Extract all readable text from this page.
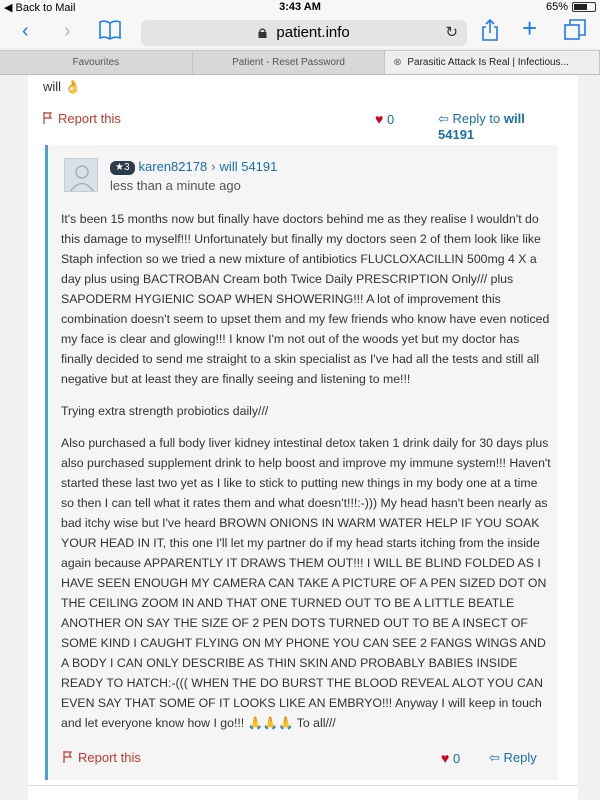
◀ Back to Mail	3:43 AM	65%
‹ ›	patient.info	↻ +
Favourites	Patient - Reset Password	⊗ Parasitic Attack Is Real | Infectious...
will 👌
Report this	♥ 0	⇦ Reply to will 54191
★3 karen82178 › will 54191
less than a minute ago

It's been 15 months now but finally have doctors behind me as they realise I wouldn't do this damage to myself!!! Unfortunately but finally my doctors seen 2 of them look like like Staph infection so we tried a new mixture of antibiotics FLUCLOXACILLIN 500mg 4 X a day plus using BACTROBAN Cream both Twice Daily PRESCRIPTION Only/// plus SAPODERM HYGIENIC SOAP WHEN SHOWERING!!! A lot of improvement this combination doesn't seem to upset them and my few friends who know have even noticed my face is clear and glowing!!! I know I'm not out of the woods yet but my doctor has finally decided to send me straight to a skin specialist as I've had all the tests and still all negative but at least they are finally seeing and listening to me!!!

Trying extra strength probiotics daily///

Also purchased a full body liver kidney intestinal detox taken 1 drink daily for 30 days plus also purchased supplement drink to help boost and improve my immune system!!! Haven't started these last two yet as I like to stick to putting new things in my body one at a time so then I can tell what it rates them and what doesn't!!!:-))) My head hasn't been nearly as bad itchy wise but I've heard BROWN ONIONS IN WARM WATER HELP IF YOU SOAK YOUR HEAD IN IT, this one I'll let my partner do if my head starts itching from the inside again because APPARENTLY IT DRAWS THEM OUT!!! I WILL BE BLIND FOLDED AS I HAVE SEEN ENOUGH MY CAMERA CAN TAKE A PICTURE OF A PEN SIZED DOT ON THE CEILING ZOOM IN AND THAT ONE TURNED OUT TO BE A LITTLE BEATLE ANOTHER ON SAY THE SIZE OF 2 PEN DOTS TURNED OUT TO BE A INSECT OF SOME KIND I CAUGHT FLYING ON MY PHONE YOU CAN SEE 2 FANGS WINGS AND A BODY I CAN ONLY DESCRIBE AS THIN SKIN AND PROBABLY BABIES INSIDE READY TO HATCH:-((( WHEN THE DO BURST THE BLOOD REVEAL ALOT YOU CAN EVEN SAY THAT SOME OF IT LOOKS LIKE AN EMBRYO!!! Anyway I will keep in touch and let everyone know how I go!!! 🙏🙏🙏 To all///

Report this	♥ 0 ⇦ Reply
